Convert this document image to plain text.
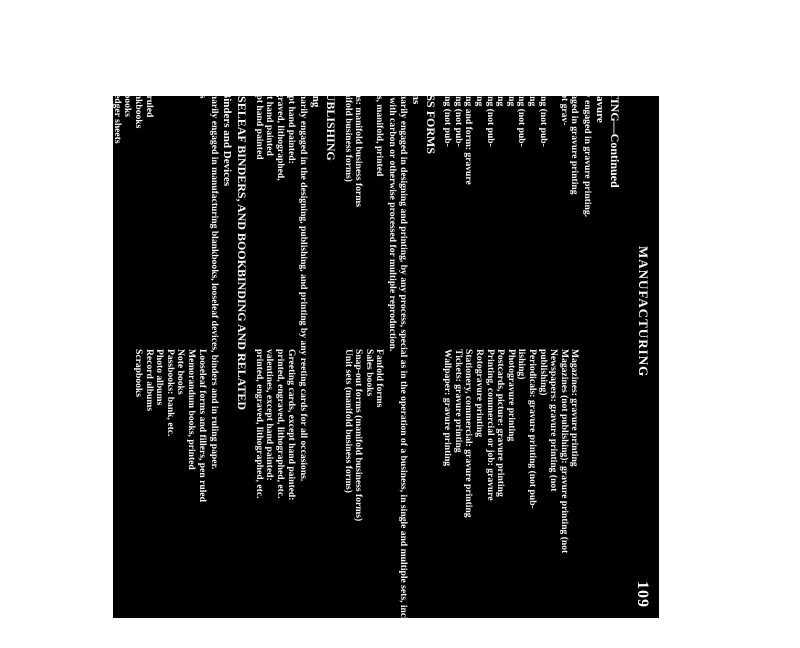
MANUFACTURING
109
IAL PRINTING—Continued
Printing, Gravure
s primarily engaged in gravure printing.
primarily engaged in gravure printing
gravure, except grav-
ure, printing
gravure printing (not pub-
gravure printing
gravure printing (not pub-
gravure printing
gravure printing
gravure printing (not pub-
gravure printing
gravure printing and form: gravure
gravure printing (not pub-
gravure printing (not pub-
Magazines: gravure printing
Magazines (not publishing): gravure printing (not
Newspapers: gravure printing (not
publishing)
Periodicals: gravure printing (not pub-
lishing)
Photogravure printing
Postcards, picture: gravure printing
Printing, commercial or job: gravure
Rotogravure printing
Stationery, commercial: gravure printing
Tickets: gravure printing
Wallpaper: gravure printing
D BUSINESS FORMS
usiness Forms
ments primarily engaged in designing and printing, by any process, special as in the operation of a business, in single and multiple sets, including or interleaved with carbon or otherwise processed for multiple reproduction.
Business forms, manifold, printed
Sales books
Snap-out forms: manifold business forms
Unit sets (manifold business forms)
Fanfold forms
Sales books
Snap-out forms (manifold business forms)
Unit sets (manifold business forms)
S CARD PUBLISHING
ard Publishing
ments primarily engaged in the designing, publishing, and printing by any reeting cards for all occasions.
birthday, except hand painted:
published, engraved, lithographed,
printed, except hand painted
seasonal, except hand painted
Greeting cards, except hand painted:
printed, engraved, lithographed, etc.
valentines, except hand painted:
printed, engraved, lithographed, etc.
OKS, LOOSELEAF BINDERS, AND BOOKBINDING AND RELATED
, Looseleaf Binders and Devices
ments primarily engaged in manufacturing blankbooks, looseleaf devices, binders and in ruling paper.
Account books
Albums
Blankbooks
Checkbooks
Diaries
Graph paper, ruled
Inventory blankbooks
Ledger blankbooks
Ledgers and ledger sheets
Looseleaf binders and devices
Looseleaf forms and fillers, pen ruled
Memorandum books, printed
Note books
Passbooks: bank, etc.
Photo albums
Record albums
Scrapbooks
